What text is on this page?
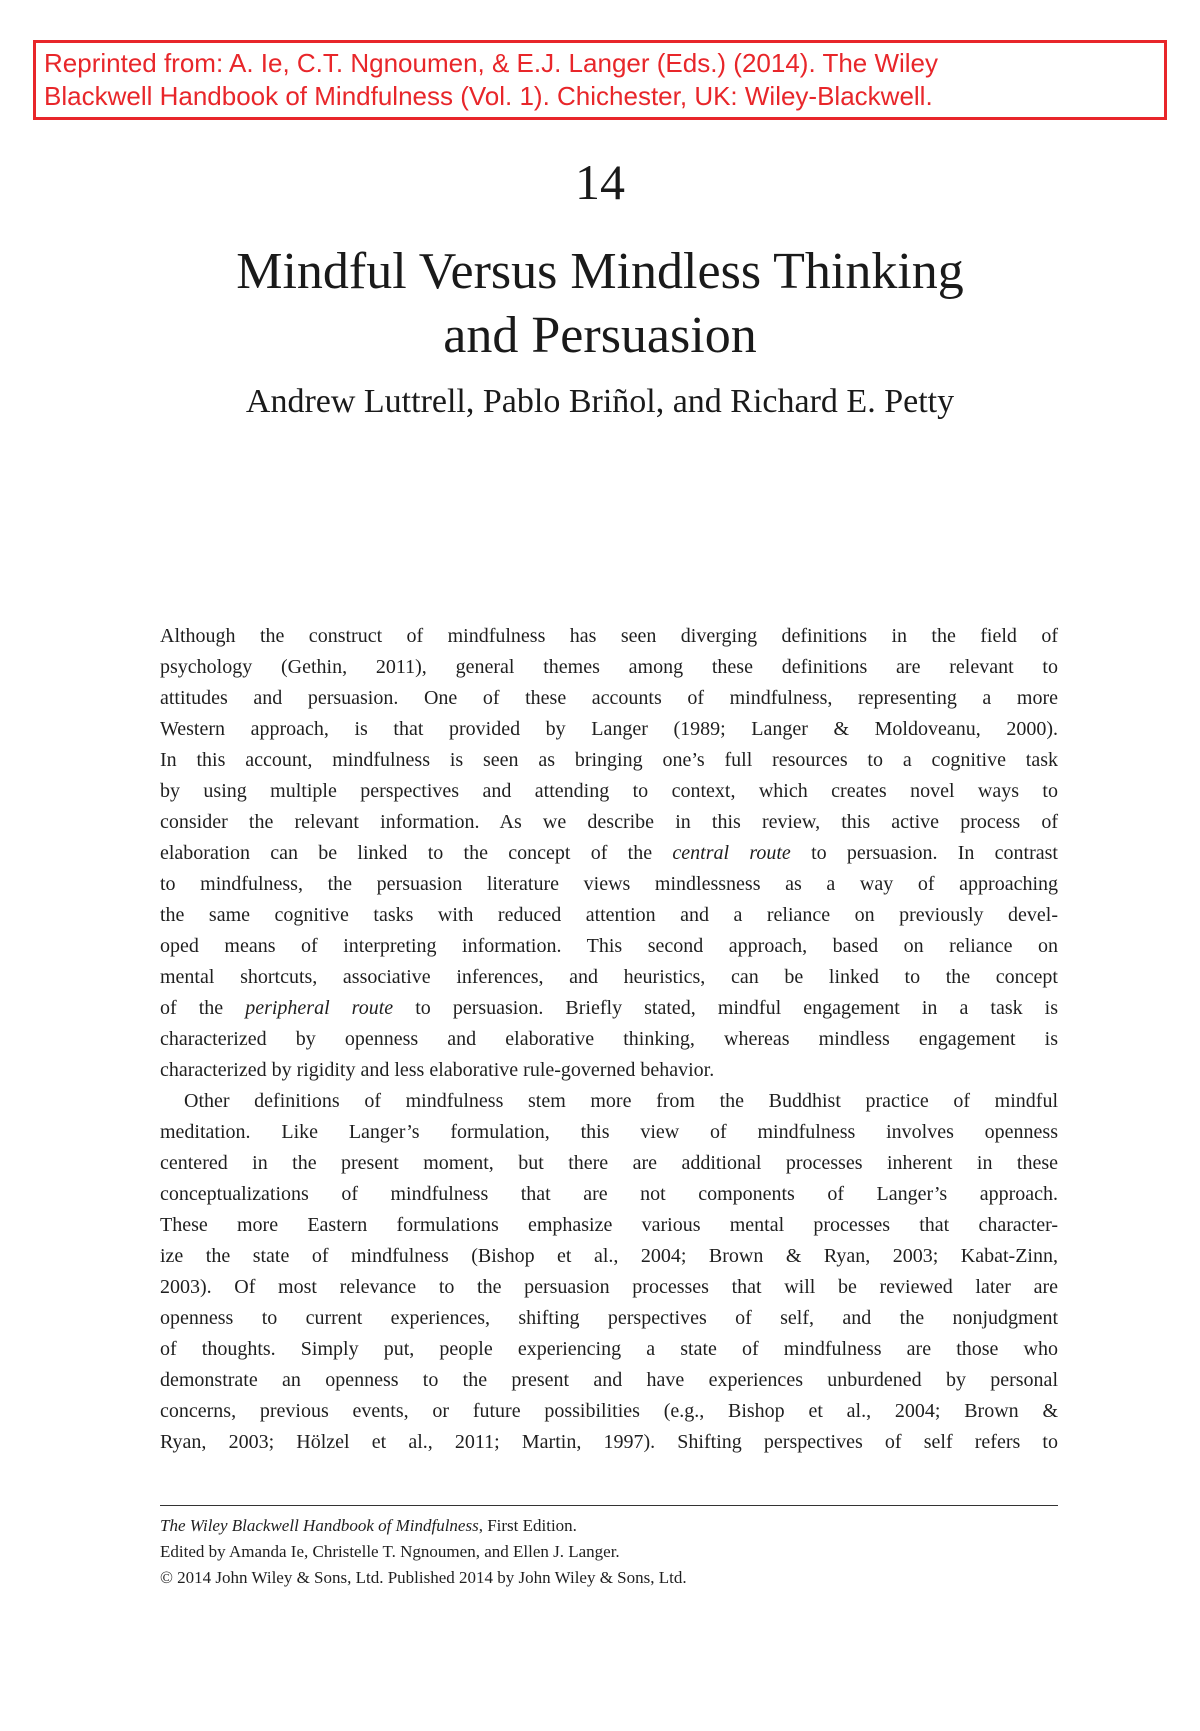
Reprinted from: A. Ie, C.T. Ngnoumen, & E.J. Langer (Eds.) (2014). The Wiley
Blackwell Handbook of Mindfulness (Vol. 1). Chichester, UK: Wiley-Blackwell.
14
Mindful Versus Mindless Thinking
and Persuasion
Andrew Luttrell, Pablo Briñol, and Richard E. Petty
Although the construct of mindfulness has seen diverging definitions in the field of
psychology (Gethin, 2011), general themes among these definitions are relevant to
attitudes and persuasion. One of these accounts of mindfulness, representing a more
Western approach, is that provided by Langer (1989; Langer & Moldoveanu, 2000).
In this account, mindfulness is seen as bringing one’s full resources to a cognitive task
by using multiple perspectives and attending to context, which creates novel ways to
consider the relevant information. As we describe in this review, this active process of
elaboration can be linked to the concept of the central route to persuasion. In contrast
to mindfulness, the persuasion literature views mindlessness as a way of approaching
the same cognitive tasks with reduced attention and a reliance on previously devel-
oped means of interpreting information. This second approach, based on reliance on
mental shortcuts, associative inferences, and heuristics, can be linked to the concept
of the peripheral route to persuasion. Briefly stated, mindful engagement in a task is
characterized by openness and elaborative thinking, whereas mindless engagement is
characterized by rigidity and less elaborative rule-governed behavior.
Other definitions of mindfulness stem more from the Buddhist practice of mindful
meditation. Like Langer’s formulation, this view of mindfulness involves openness
centered in the present moment, but there are additional processes inherent in these
conceptualizations of mindfulness that are not components of Langer’s approach.
These more Eastern formulations emphasize various mental processes that character-
ize the state of mindfulness (Bishop et al., 2004; Brown & Ryan, 2003; Kabat-Zinn,
2003). Of most relevance to the persuasion processes that will be reviewed later are
openness to current experiences, shifting perspectives of self, and the nonjudgment
of thoughts. Simply put, people experiencing a state of mindfulness are those who
demonstrate an openness to the present and have experiences unburdened by personal
concerns, previous events, or future possibilities (e.g., Bishop et al., 2004; Brown &
Ryan, 2003; Hölzel et al., 2011; Martin, 1997). Shifting perspectives of self refers to
The Wiley Blackwell Handbook of Mindfulness, First Edition.
Edited by Amanda Ie, Christelle T. Ngnoumen, and Ellen J. Langer.
© 2014 John Wiley & Sons, Ltd. Published 2014 by John Wiley & Sons, Ltd.
